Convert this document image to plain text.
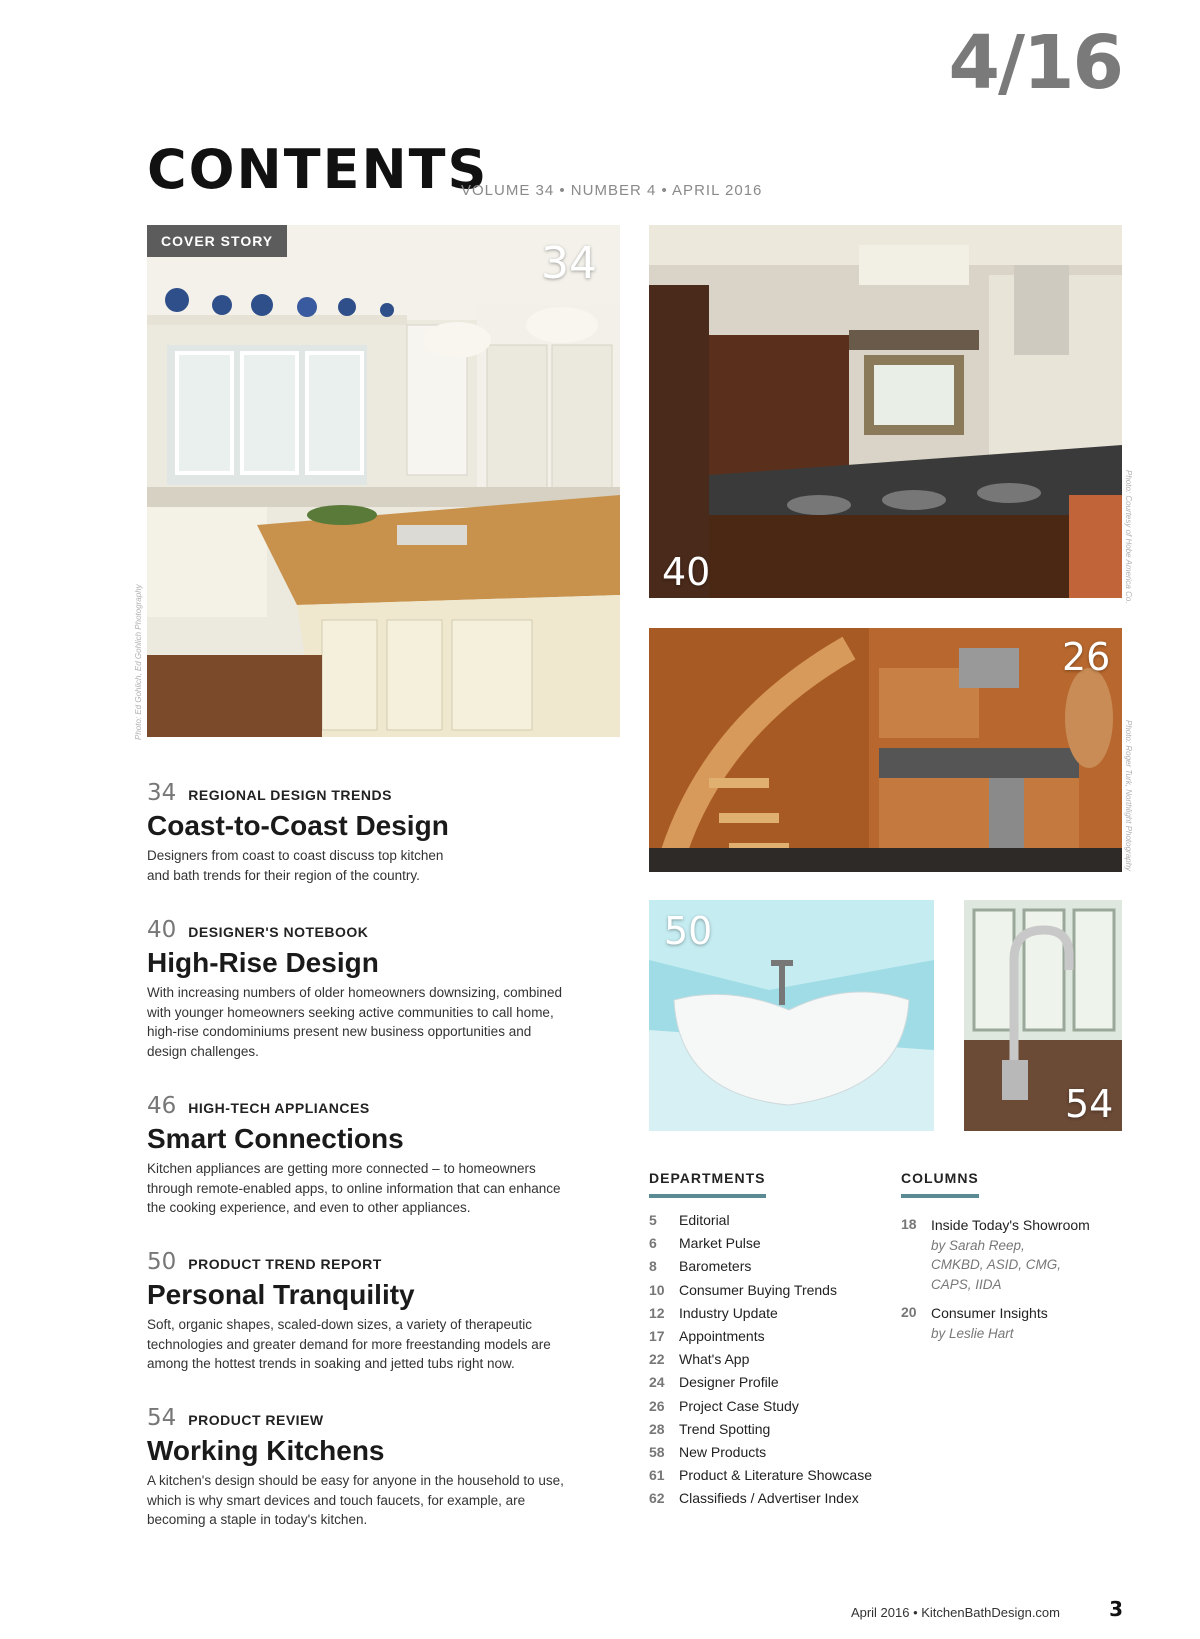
4/16
CONTENTS
VOLUME 34 • NUMBER 4 • APRIL 2016
COVER STORY	34
Photo: Ed Gohlich, Ed Gohlich Photography
40	Photo: Courtesy of Hobe America Co.
26
Photo: Roger Turk, Northlight Photography
50
54
34 REGIONAL DESIGN TRENDS
Coast-to-Coast Design
Designers from coast to coast discuss top kitchen and bath trends for their region of the country.
40 DESIGNER'S NOTEBOOK
High-Rise Design
With increasing numbers of older homeowners downsizing, combined with younger homeowners seeking active communities to call home, high-rise condominiums present new business opportunities and design challenges.
46 HIGH-TECH APPLIANCES
Smart Connections
Kitchen appliances are getting more connected – to homeowners through remote-enabled apps, to online information that can enhance the cooking experience, and even to other appliances.
50 PRODUCT TREND REPORT
Personal Tranquility
Soft, organic shapes, scaled-down sizes, a variety of therapeutic technologies and greater demand for more freestanding models are among the hottest trends in soaking and jetted tubs right now.
54 PRODUCT REVIEW
Working Kitchens
A kitchen's design should be easy for anyone in the household to use, which is why smart devices and touch faucets, for example, are becoming a staple in today's kitchen.
DEPARTMENTS
5	Editorial
6	Market Pulse
8	Barometers
10	Consumer Buying Trends
12	Industry Update
17	Appointments
22	What's App
24	Designer Profile
26	Project Case Study
28	Trend Spotting
58	New Products
61	Product & Literature Showcase
62	Classifieds / Advertiser Index
COLUMNS
18	Inside Today's Showroom
by Sarah Reep, CMKBD, ASID, CMG, CAPS, IIDA
20	Consumer Insights
by Leslie Hart
April 2016 • KitchenBathDesign.com 3
